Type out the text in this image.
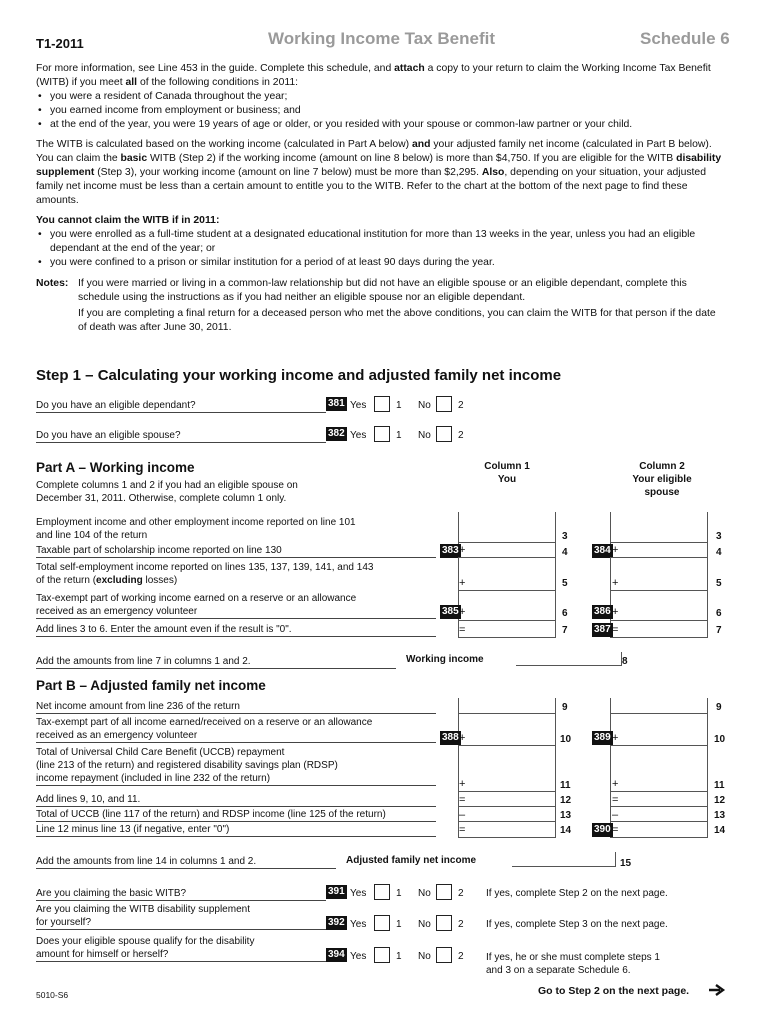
T1-2011	Working Income Tax Benefit	Schedule 6
For more information, see Line 453 in the guide. Complete this schedule, and attach a copy to your return to claim the Working Income Tax Benefit (WITB) if you meet all of the following conditions in 2011:
• you were a resident of Canada throughout the year;
• you earned income from employment or business; and
• at the end of the year, you were 19 years of age or older, or you resided with your spouse or common-law partner or your child.
The WITB is calculated based on the working income (calculated in Part A below) and your adjusted family net income (calculated in Part B below). You can claim the basic WITB (Step 2) if the working income (amount on line 8 below) is more than $4,750. If you are eligible for the WITB disability supplement (Step 3), your working income (amount on line 7 below) must be more than $2,295. Also, depending on your situation, your adjusted family net income must be less than a certain amount to entitle you to the WITB. Refer to the chart at the bottom of the next page to find these amounts.
You cannot claim the WITB if in 2011:
• you were enrolled as a full-time student at a designated educational institution for more than 13 weeks in the year, unless you had an eligible dependant at the end of the year; or
• you were confined to a prison or similar institution for a period of at least 90 days during the year.
Notes: If you were married or living in a common-law relationship but did not have an eligible spouse or an eligible dependant, complete this schedule using the instructions as if you had neither an eligible spouse nor an eligible dependant.
If you are completing a final return for a deceased person who met the above conditions, you can claim the WITB for that person if the date of death was after June 30, 2011.
Step 1 – Calculating your working income and adjusted family net income
Do you have an eligible dependant?	381 Yes	1 No	2
Do you have an eligible spouse?	382 Yes	1 No	2
Part A – Working income
Complete columns 1 and 2 if you had an eligible spouse on December 31, 2011. Otherwise, complete column 1 only.
Column 1
You
Column 2
Your eligible
spouse
Employment income and other employment income reported on line 101
and line 104 of the return	3	3
Taxable part of scholarship income reported on line 130	383 +	4	384 +	4
Total self-employment income reported on lines 135, 137, 139, 141, and 143
of the return (excluding losses)	+	5	+	5
Tax-exempt part of working income earned on a reserve or an allowance
received as an emergency volunteer	385 +	6	386 +	6
Add lines 3 to 6. Enter the amount even if the result is "0".	=	7	387 =	7
Add the amounts from line 7 in columns 1 and 2.	Working income	8
Part B – Adjusted family net income
Net income amount from line 236 of the return	9	9
Tax-exempt part of all income earned/received on a reserve or an allowance
received as an emergency volunteer	388 +	10 389 +	10
Total of Universal Child Care Benefit (UCCB) repayment
(line 213 of the return) and registered disability savings plan (RDSP)
income repayment (included in line 232 of the return)	+	11	+	11
Add lines 9, 10, and 11.	=	12	=	12
Total of UCCB (line 117 of the return) and RDSP income (line 125 of the return)	–	13	–	13
Line 12 minus line 13 (if negative, enter "0")	=	14 390 =	14
Add the amounts from line 14 in columns 1 and 2.	Adjusted family net income	15
Are you claiming the basic WITB?	391 Yes	1 No	2 If yes, complete Step 2 on the next page.
Are you claiming the WITB disability supplement
for yourself?	392 Yes	1 No	2 If yes, complete Step 3 on the next page.
Does your eligible spouse qualify for the disability
amount for himself or herself?	394 Yes	1 No	2 If yes, he or she must complete steps 1
and 3 on a separate Schedule 6.
5010-S6	Go to Step 2 on the next page.
